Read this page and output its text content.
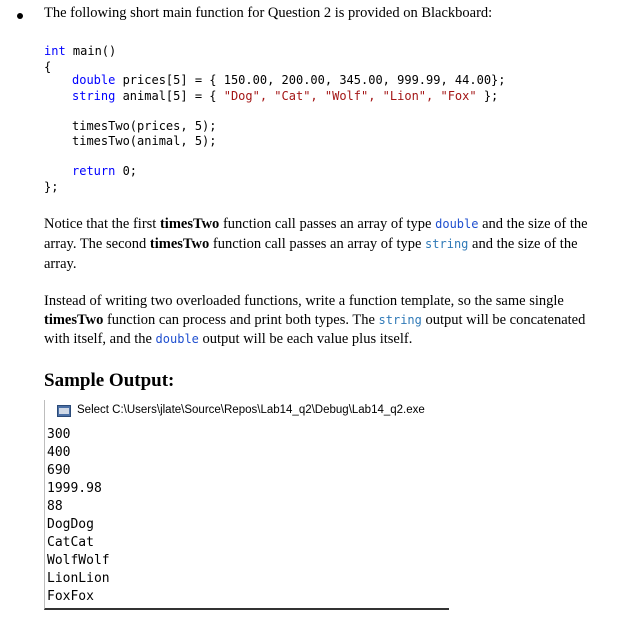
The following short main function for Question 2 is provided on Blackboard:
int main()
{
double prices[5] = { 150.00, 200.00, 345.00, 999.99, 44.00};
string animal[5] = { "Dog", "Cat", "Wolf", "Lion", "Fox" };
timesTwo(prices, 5);
timesTwo(animal, 5);
return 0;
};
Notice that the first timesTwo function call passes an array of type double and the size of the
array. The second timesTwo function call passes an array of type string and the size of the
array.
Instead of writing two overloaded functions, write a function template, so the same single
timesTwo function can process and print both types. The string output will be concatenated
with itself, and the double output will be each value plus itself.
Sample Output:
Select C:\Users\jlate\Source\Repos\Lab14_q2\Debug\Lab14_q2.exe
300
400
690
1999.98
88
DogDog
CatCat
WolfWolf
LionLion
FoxFox
